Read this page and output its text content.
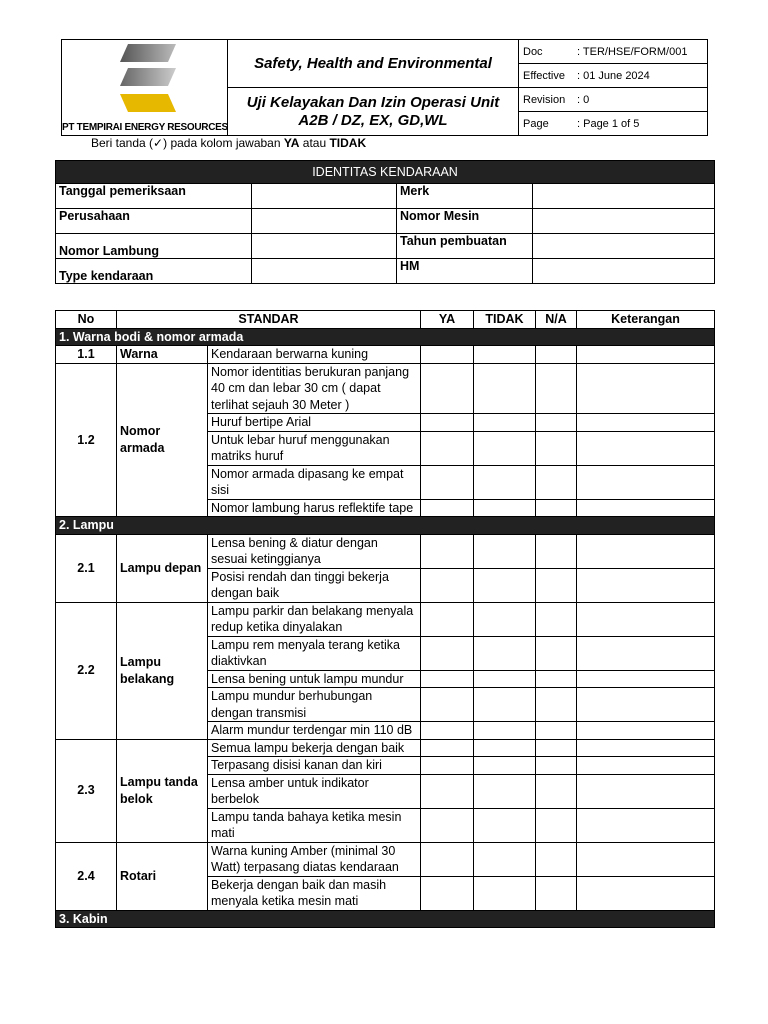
PT TEMPIRAI ENERGY RESOURCES	Safety, Health and Environmental	Doc : TER/HSE/FORM/001
		Effective : 01 June 2024
	Uji Kelayakan Dan Izin Operasi Unit A2B / DZ, EX, GD,WL	Revision : 0
		Page : Page 1 of 5
Beri tanda (✓) pada kolom jawaban YA atau TIDAK
IDENTITAS KENDARAAN			
Tanggal pemeriksaan		Merk	
Perusahaan		Nomor Mesin	
Nomor Lambung		Tahun pembuatan	
Type kendaraan		HM	
No	STANDAR		YA	TIDAK	N/A	Keterangan
1. Warna bodi & nomor armada						
1.1	Warna	Kendaraan berwarna kuning				
1.2	Nomor armada	Nomor identitias berukuran panjang 40 cm dan lebar 30 cm ( dapat terlihat sejauh 30 Meter )				
		Huruf bertipe Arial				
		Untuk lebar huruf menggunakan matriks huruf				
		Nomor armada dipasang ke empat sisi				
		Nomor lambung harus reflektife tape				
2. Lampu						
2.1	Lampu depan	Lensa bening & diatur dengan sesuai ketinggianya				
		Posisi rendah dan tinggi bekerja dengan baik				
2.2	Lampu belakang	Lampu parkir dan belakang menyala redup ketika dinyalakan				
		Lampu rem menyala terang ketika diaktivkan				
		Lensa bening untuk lampu mundur				
		Lampu mundur berhubungan dengan transmisi				
		Alarm mundur terdengar min 110 dB				
2.3	Lampu tanda belok	Semua lampu bekerja dengan baik				
		Terpasang disisi kanan dan kiri				
		Lensa amber untuk indikator berbelok				
		Lampu tanda bahaya ketika mesin mati				
2.4	Rotari	Warna kuning Amber (minimal 30 Watt) terpasang diatas kendaraan				
		Bekerja dengan baik dan masih menyala ketika mesin mati				
3. Kabin						
